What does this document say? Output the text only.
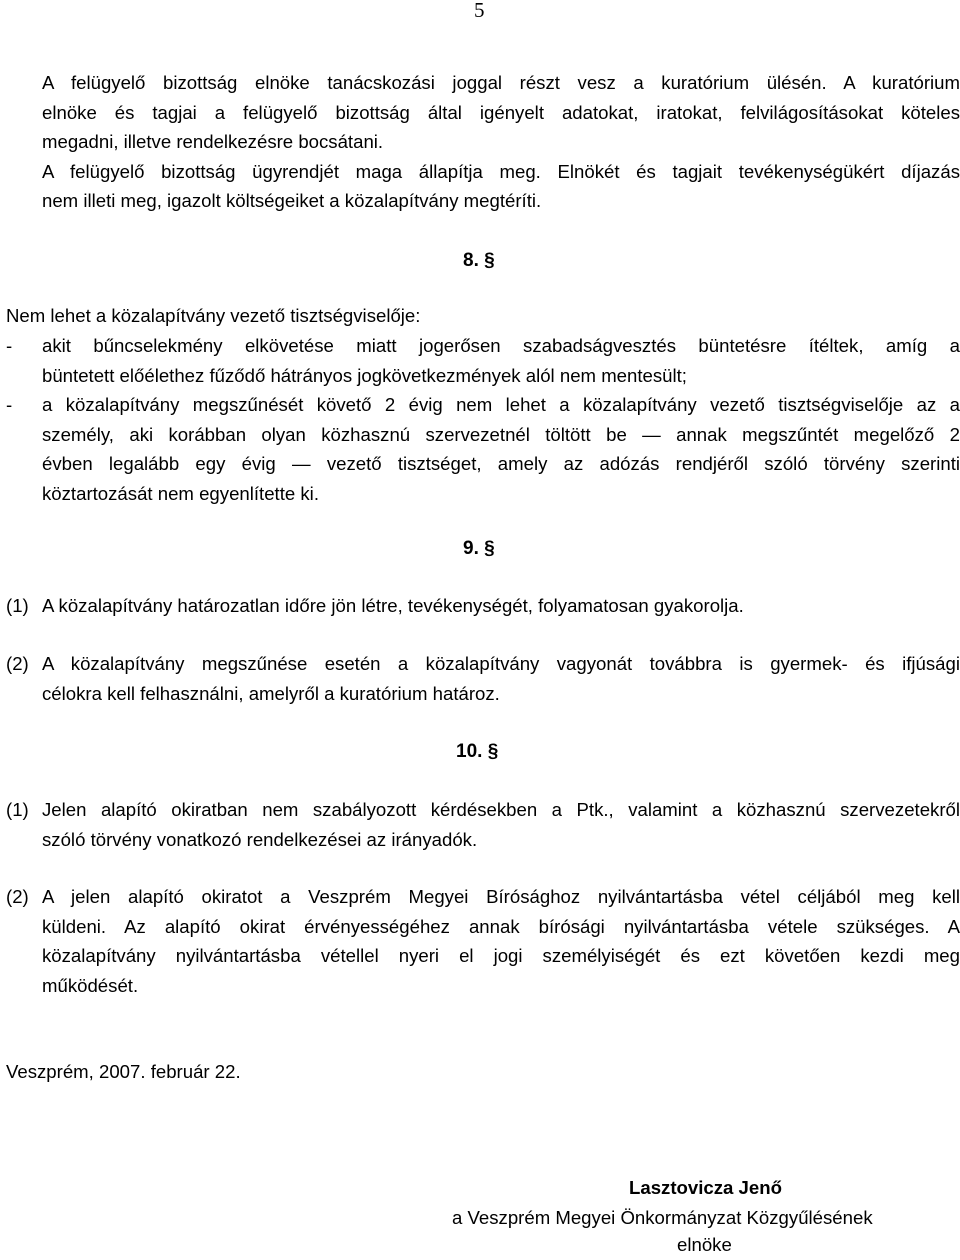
5
A felügyelő bizottság elnöke tanácskozási joggal részt vesz a kuratórium ülésén. A kuratórium
elnöke és tagjai a felügyelő bizottság által igényelt adatokat, iratokat, felvilágosításokat köteles
megadni, illetve rendelkezésre bocsátani.
A felügyelő bizottság ügyrendjét maga állapítja meg. Elnökét és tagjait tevékenységükért díjazás
nem illeti meg, igazolt költségeiket a közalapítvány megtéríti.
8. §
Nem lehet a közalapítvány vezető tisztségviselője:
- akit bűncselekmény elkövetése miatt jogerősen szabadságvesztés büntetésre ítéltek, amíg a
büntetett előélethez fűződő hátrányos jogkövetkezmények alól nem mentesült;
- a közalapítvány megszűnését követő 2 évig nem lehet a közalapítvány vezető tisztségviselője az a
személy, aki korábban olyan közhasznú szervezetnél töltött be — annak megszűntét megelőző 2
évben legalább egy évig — vezető tisztséget, amely az adózás rendjéről szóló törvény szerinti
köztartozását nem egyenlítette ki.
9. §
(1) A közalapítvány határozatlan időre jön létre, tevékenységét, folyamatosan gyakorolja.
(2) A közalapítvány megszűnése esetén a közalapítvány vagyonát továbbra is gyermek- és ifjúsági
célokra kell felhasználni, amelyről a kuratórium határoz.
10. §
(1) Jelen alapító okiratban nem szabályozott kérdésekben a Ptk., valamint a közhasznú szervezetekről
szóló törvény vonatkozó rendelkezései az irányadók.
(2) A jelen alapító okiratot a Veszprém Megyei Bírósághoz nyilvántartásba vétel céljából meg kell
küldeni. Az alapító okirat érvényességéhez annak bírósági nyilvántartásba vétele szükséges. A
közalapítvány nyilvántartásba vétellel nyeri el jogi személyiségét és ezt követően kezdi meg
működését.
Veszprém, 2007. február 22.
Lasztovicza Jenő
a Veszprém Megyei Önkormányzat Közgyűlésének
elnöke
